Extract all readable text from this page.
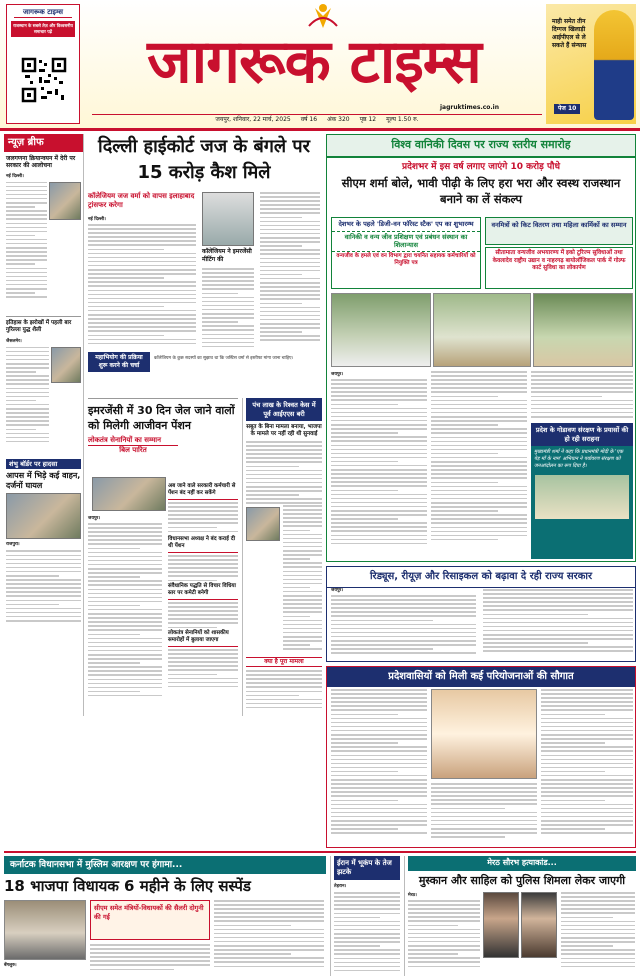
जागरूक टाइम्स
राजस्थान के सबसे तेज़ और विश्वसनीय समाचार पढ़ें	जागरूक टाइम्स
jagruktimes.co.in
माही समेत तीन दिग्गज खिलाड़ी आईपीएल से ले सकते हैं संन्यास
पेज 10
जयपुर, शनिवार, 22 मार्च, 2025 वर्ष 16 अंक 320 पृष्ठ 12 मूल्य 1.50 रु.
न्यूज़ ब्रीफ
जलगणना क्रियान्वयन में देरी पर सरकार की आलोचना
नई दिल्ली।
इतिहास के झरोखों में पहली बार गुरिल्ला युद्ध शैली
जैसलमेर।
शंभु बॉर्डर पर हादसा
आपस में भिड़े कई वाहन, दर्जनों घायल
राजपुरा।
दिल्ली हाईकोर्ट जज के बंगले पर 15 करोड़ कैश मिले
कॉलेजियम जज वर्मा को वापस इलाहाबाद ट्रांसफर करेगा
नई दिल्ली।
कॉलेजियम ने इमरजेंसी मीटिंग की
महाभियोग की प्रक्रिया शुरू करने की चर्चा
कॉलेजियम के कुछ सदस्यों का सुझाव था कि जस्टिस वर्मा से इस्तीफा मांगा जाना चाहिए।
इमरजेंसी में 30 दिन जेल जाने वालों को मिलेगी आजीवन पेंशन
लोकतंत्र सेनानियों का सम्मान
बिल पारित
जयपुर।
अब जाने वाले सरकारी कर्मचारी से पेंशन बंद नहीं कर सकेंगे
विधानसभा अध्यक्ष ने बंद कराई दी थी पेंशन
संवैधानिक पद्धति से विचार विधिया स्तर पर कमेटी बनेगी
लोकतंत्र सेनानियों को शासकीय समारोहों में बुलाया जाएगा
पंच लाख के रिश्वत केस में पूर्व आईएएस बरी
सबूत के बिना मामला बनाया, भाजपा के मामले पर नहीं रही थी सुनवाई
क्या है पूरा मामला
विश्व वानिकी दिवस पर राज्य स्तरीय समारोह
प्रदेशभर में इस वर्ष लगाए जाएंगे 10 करोड़ पौधे
सीएम शर्मा बोले, भावी पीढ़ी के लिए हरा भरा और स्वस्थ राजस्थान बनाने का लें संकल्प
देशभर के पहले 'डिजी-वन फॉरेस्ट स्टैक' एप का शुभारम्भ
वानिकी व वन्य जीव प्रशिक्षण एवं प्रबंधन संस्थान का शिलान्यास
वन्यजीव के हमले एवं वन विभाग द्वारा चयनित सहायक कर्मचारियों को नियुक्ति पत्र
वनमित्रों को किट वितरण तथा महिला कार्मिकों का सम्मान
सीतामाता वन्यजीव अभयारण्य में इको टूरिज्म सुविधाओं तथा केवलादेव राष्ट्रीय उद्यान व नाहरगढ़ बायोलॉजिकल पार्क में गोल्फ कार्ट सुविधा का लोकार्पण
जयपुर।
प्रदेश के गोडावण संरक्षण के प्रयासों की हो रही सराहना
मुख्यमंत्री शर्मा ने कहा कि प्रधानमंत्री मोदी के 'एक पेड़ माँ के नाम' अभियान ने पर्यावरण संरक्षण को जनआंदोलन का रूप दिया है।
रिड्यूस, रीयूज़ और रिसाइकल को बढ़ावा दे रही राज्य सरकार
जयपुर।
प्रदेशवासियों को मिली कई परियोजनाओं की सौगात
कर्नाटक विधानसभा में मुस्लिम आरक्षण पर हंगामा...
18 भाजपा विधायक 6 महीने के लिए सस्पेंड
बेंगलुरु।
सीएम समेत मंत्रियों-विधायकों की सैलरी दोगुनी की गई
ईरान में भूकंप के तेज झटके
तेहरान।
मेरठ सौरभ हत्याकांड...
मुस्कान और साहिल को पुलिस शिमला लेकर जाएगी
मेरठ।
